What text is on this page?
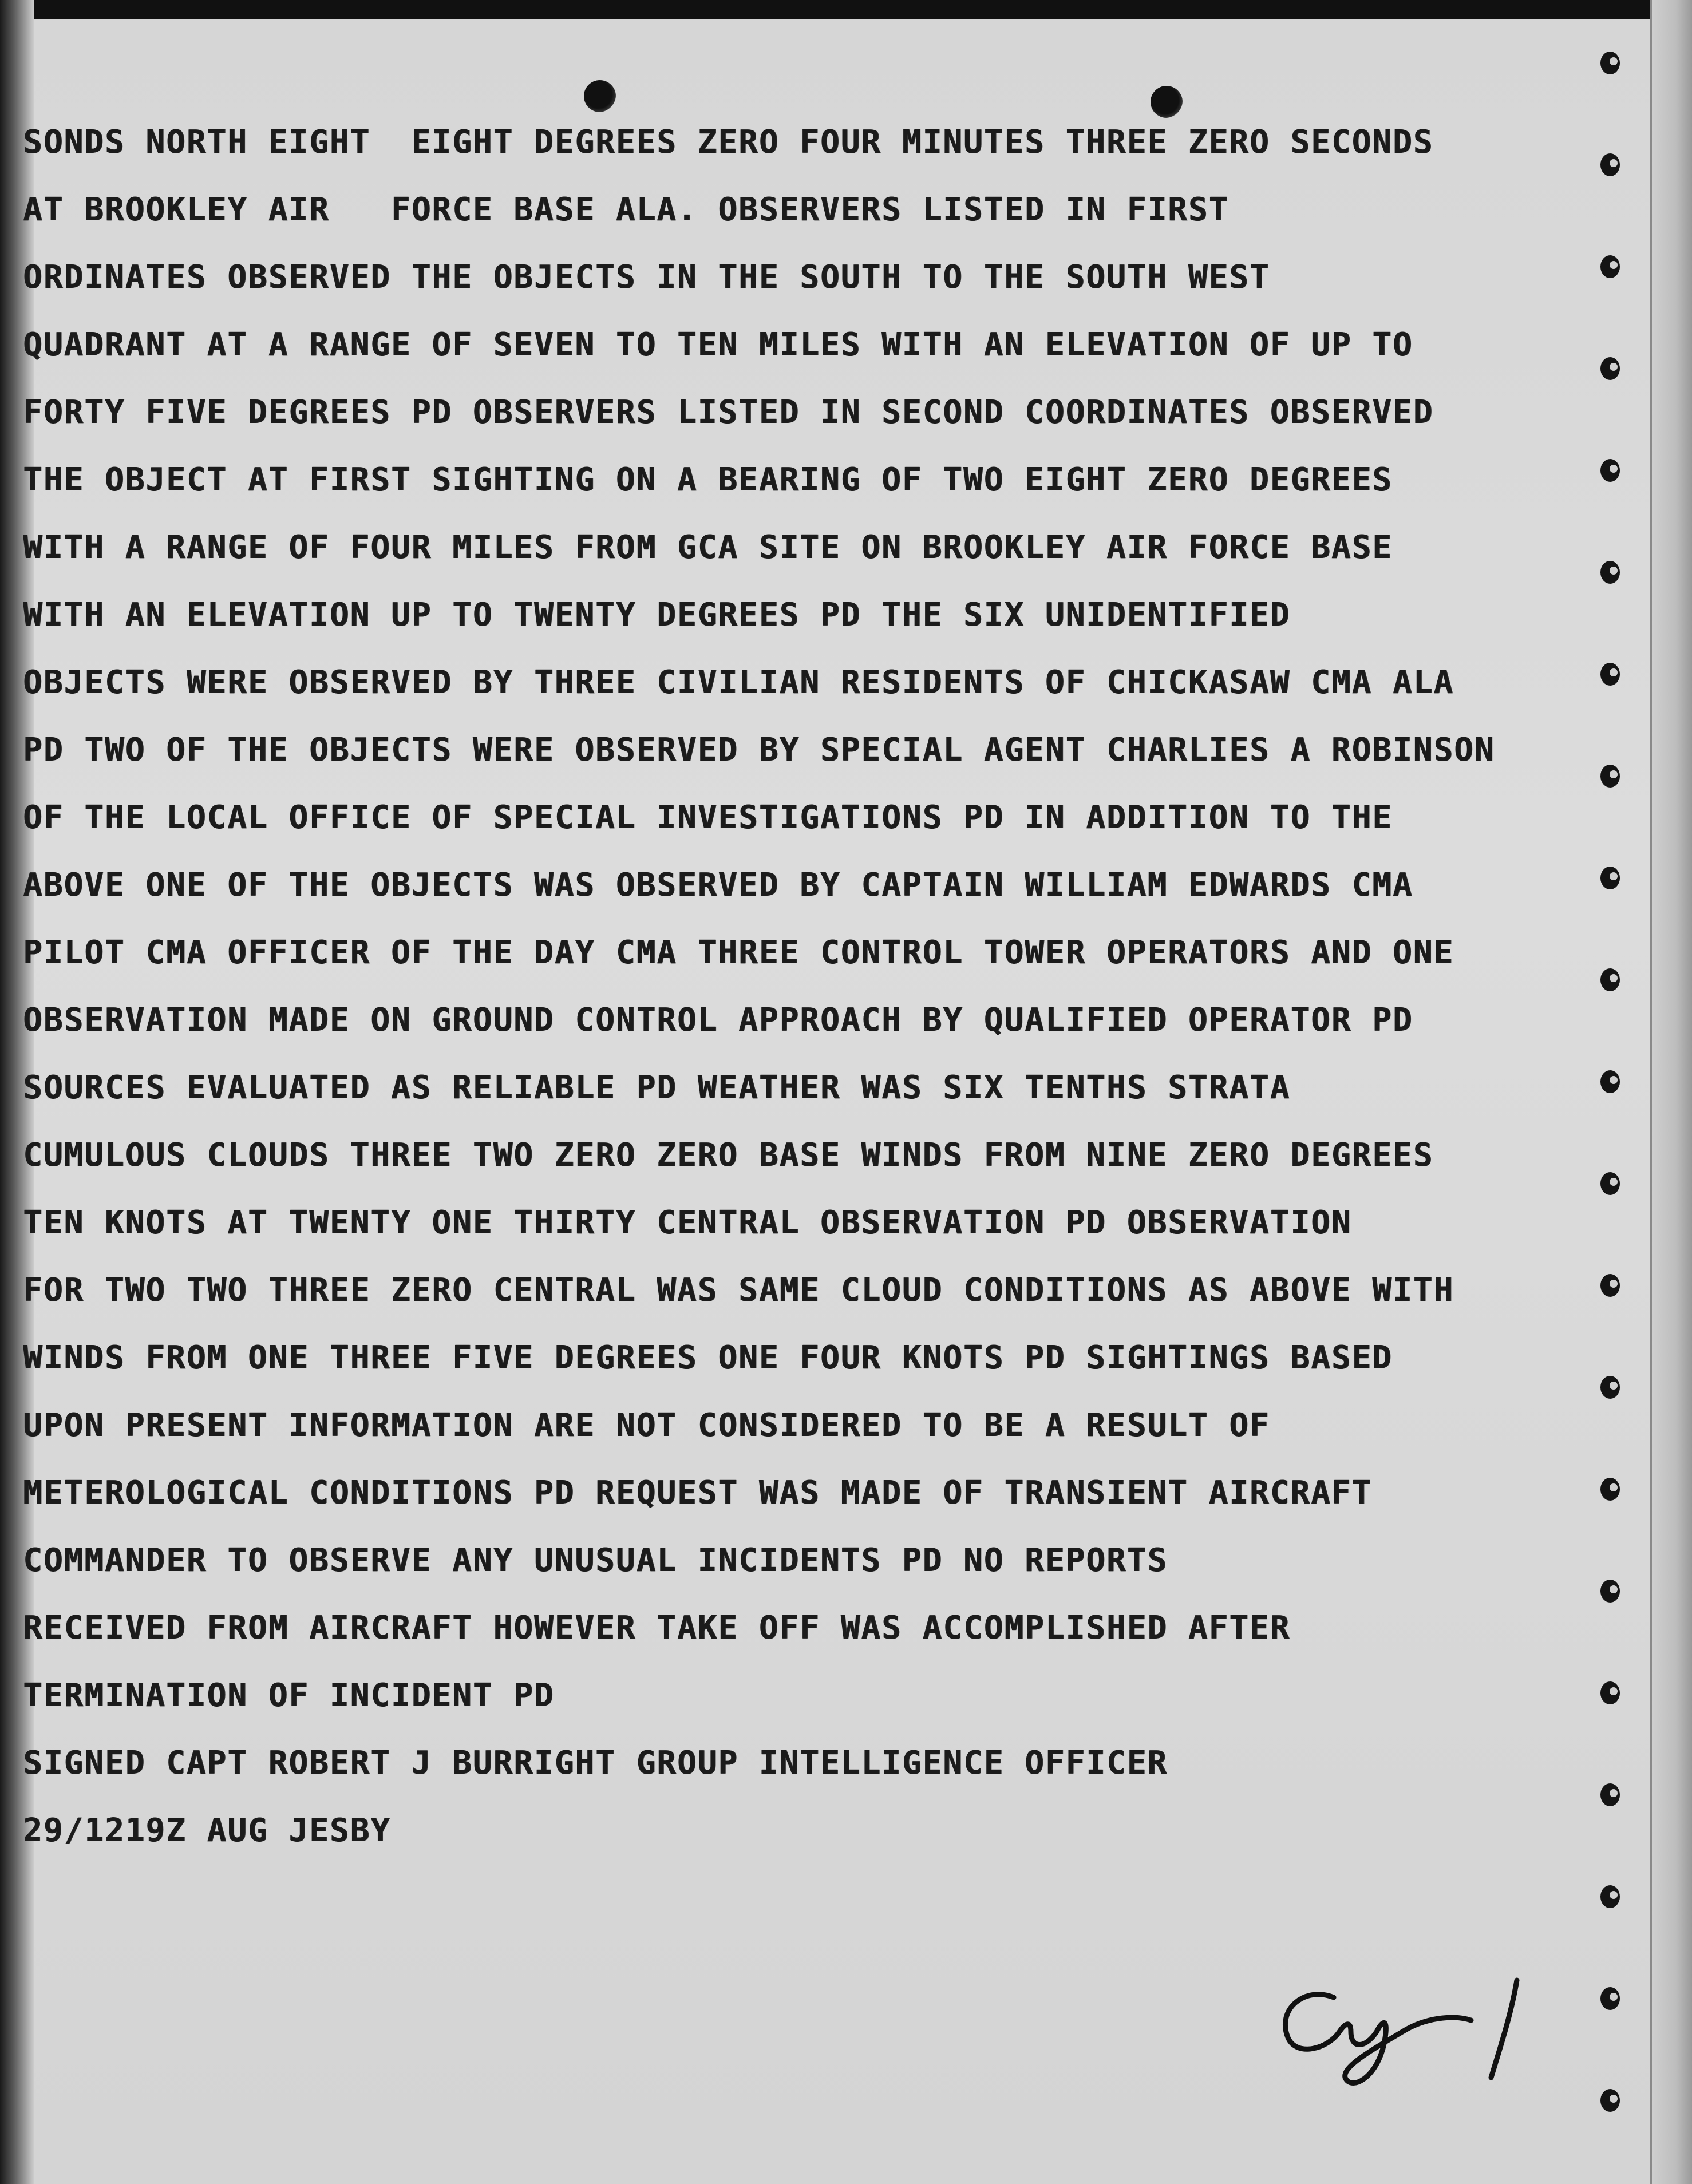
SONDS NORTH EIGHT  EIGHT DEGREES ZERO FOUR MINUTES THREE ZERO SECONDS
AT BROOKLEY AIR   FORCE BASE ALA. OBSERVERS LISTED IN FIRST
ORDINATES OBSERVED THE OBJECTS IN THE SOUTH TO THE SOUTH WEST
QUADRANT AT A RANGE OF SEVEN TO TEN MILES WITH AN ELEVATION OF UP TO
FORTY FIVE DEGREES PD OBSERVERS LISTED IN SECOND COORDINATES OBSERVED
THE OBJECT AT FIRST SIGHTING ON A BEARING OF TWO EIGHT ZERO DEGREES
WITH A RANGE OF FOUR MILES FROM GCA SITE ON BROOKLEY AIR FORCE BASE
WITH AN ELEVATION UP TO TWENTY DEGREES PD THE SIX UNIDENTIFIED
OBJECTS WERE OBSERVED BY THREE CIVILIAN RESIDENTS OF CHICKASAW CMA ALA
PD TWO OF THE OBJECTS WERE OBSERVED BY SPECIAL AGENT CHARLIES A ROBINSON
OF THE LOCAL OFFICE OF SPECIAL INVESTIGATIONS PD IN ADDITION TO THE
ABOVE ONE OF THE OBJECTS WAS OBSERVED BY CAPTAIN WILLIAM EDWARDS CMA
PILOT CMA OFFICER OF THE DAY CMA THREE CONTROL TOWER OPERATORS AND ONE
OBSERVATION MADE ON GROUND CONTROL APPROACH BY QUALIFIED OPERATOR PD
SOURCES EVALUATED AS RELIABLE PD WEATHER WAS SIX TENTHS STRATA
CUMULOUS CLOUDS THREE TWO ZERO ZERO BASE WINDS FROM NINE ZERO DEGREES
TEN KNOTS AT TWENTY ONE THIRTY CENTRAL OBSERVATION PD OBSERVATION
FOR TWO TWO THREE ZERO CENTRAL WAS SAME CLOUD CONDITIONS AS ABOVE WITH
WINDS FROM ONE THREE FIVE DEGREES ONE FOUR KNOTS PD SIGHTINGS BASED
UPON PRESENT INFORMATION ARE NOT CONSIDERED TO BE A RESULT OF
METEROLOGICAL CONDITIONS PD REQUEST WAS MADE OF TRANSIENT AIRCRAFT
COMMANDER TO OBSERVE ANY UNUSUAL INCIDENTS PD NO REPORTS
RECEIVED FROM AIRCRAFT HOWEVER TAKE OFF WAS ACCOMPLISHED AFTER
TERMINATION OF INCIDENT PD
SIGNED CAPT ROBERT J BURRIGHT GROUP INTELLIGENCE OFFICER
29/1219Z AUG JESBY
